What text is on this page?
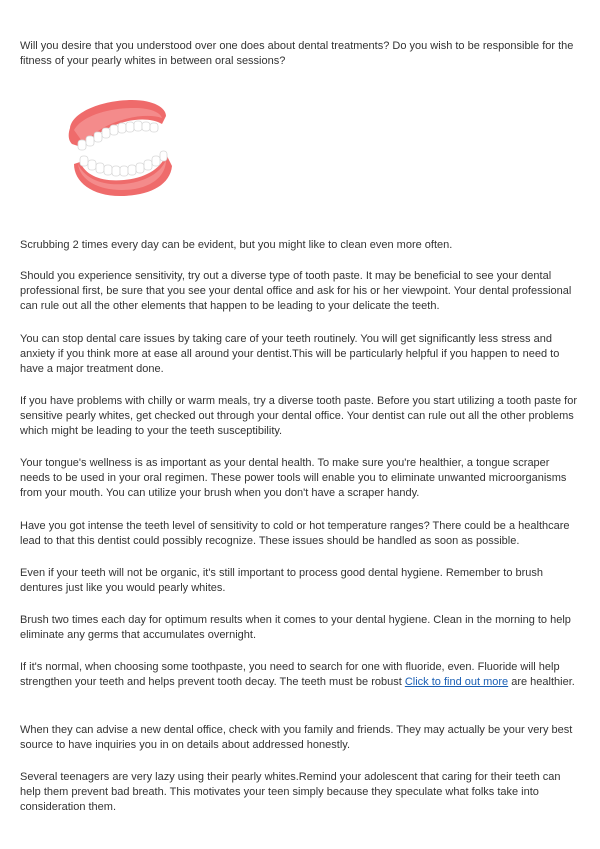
Will you desire that you understood over one does about dental treatments? Do you wish to be responsible for the fitness of your pearly whites in between oral sessions?

Scrubbing 2 times every day can be evident, but you might like to clean even more often.

Should you experience sensitivity, try out a diverse type of tooth paste. It may be beneficial to see your dental professional first, be sure that you see your dental office and ask for his or her viewpoint. Your dental professional can rule out all the other elements that happen to be leading to your delicate the teeth.

You can stop dental care issues by taking care of your teeth routinely. You will get significantly less stress and anxiety if you think more at ease all around your dentist.This will be particularly helpful if you happen to need to have a major treatment done.

If you have problems with chilly or warm meals, try a diverse tooth paste. Before you start utilizing a tooth paste for sensitive pearly whites, get checked out through your dental office. Your dentist can rule out all the other problems which might be leading to your the teeth susceptibility.

Your tongue's wellness is as important as your dental health. To make sure you're healthier, a tongue scraper needs to be used in your oral regimen. These power tools will enable you to eliminate unwanted microorganisms from your mouth. You can utilize your brush when you don't have a scraper handy.

Have you got intense the teeth level of sensitivity to cold or hot temperature ranges? There could be a healthcare lead to that this dentist could possibly recognize. These issues should be handled as soon as possible.

Even if your teeth will not be organic, it's still important to process good dental hygiene. Remember to brush dentures just like you would pearly whites.

Brush two times each day for optimum results when it comes to your dental hygiene. Clean in the morning to help eliminate any germs that accumulates overnight.

If it's normal, when choosing some toothpaste, you need to search for one with fluoride, even. Fluoride will help strengthen your teeth and helps prevent tooth decay. The teeth must be robust Click to find out more are healthier.

When they can advise a new dental office, check with you family and friends. They may actually be your very best source to have inquiries you in on details about addressed honestly.

Several teenagers are very lazy using their pearly whites.Remind your adolescent that caring for their teeth can help them prevent bad breath. This motivates your teen simply because they speculate what folks take into consideration them.
